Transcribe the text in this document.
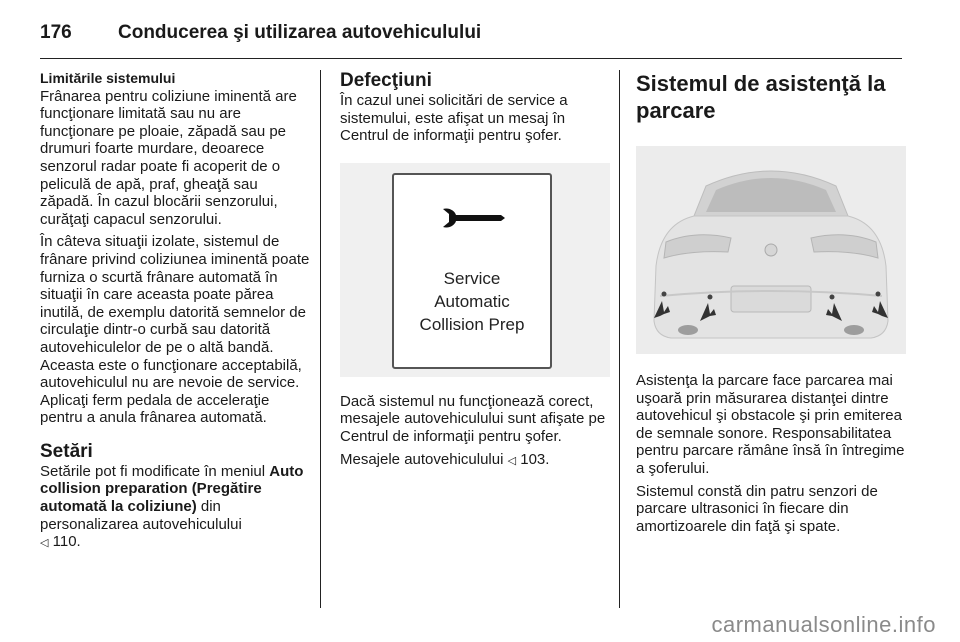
176	Conducerea şi utilizarea autovehiculului
Limitările sistemului

Frânarea pentru coliziune iminentă are funcţionare limitată sau nu are funcţionare pe ploaie, zăpadă sau pe drumuri foarte murdare, deoarece senzorul radar poate fi acoperit de o peliculă de apă, praf, gheaţă sau zăpadă. În cazul blocării senzorului, curăţaţi capacul senzorului.

În câteva situaţii izolate, sistemul de frânare privind coliziunea iminentă poate furniza o scurtă frânare automată în situaţii în care aceasta poate părea inutilă, de exemplu datorită semnelor de circulaţie dintr-o curbă sau datorită autovehiculelor de pe o altă bandă. Aceasta este o funcţionare acceptabilă, autovehiculul nu are nevoie de service. Aplicaţi ferm pedala de acceleraţie pentru a anula frânarea automată.

Setări

Setările pot fi modificate în meniul Auto collision preparation (Pregătire automată la coliziune) din personalizarea autovehiculului
◁ 110.

Defecţiuni

În cazul unei solicitări de service a sistemului, este afişat un mesaj în Centrul de informaţii pentru şofer.

Service
Automatic
Collision Prep

Dacă sistemul nu funcţionează corect, mesajele autovehiculului sunt afişate pe Centrul de informaţii pentru şofer.

Mesajele autovehiculului ◁ 103.

Sistemul de asistenţă la parcare

Asistenţa la parcare face parcarea mai uşoară prin măsurarea distanţei dintre autovehicul şi obstacole şi prin emiterea de semnale sonore. Responsabilitatea pentru parcare rămâne însă în întregime a şoferului.

Sistemul constă din patru senzori de parcare ultrasonici în fiecare din amortizoarele din faţă şi spate.

carmanualsonline.info
